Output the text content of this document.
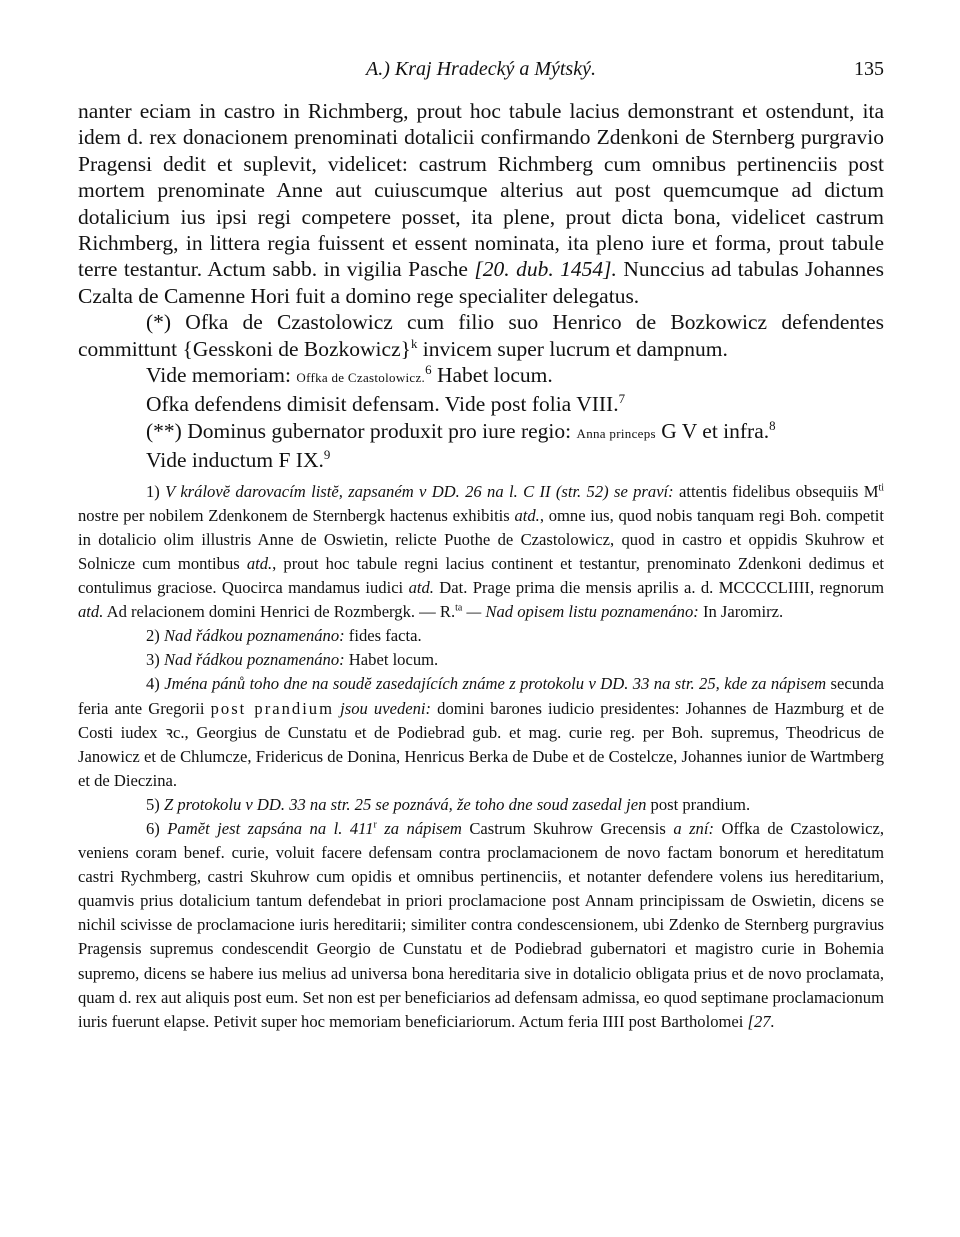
A.) Kraj Hradecký a Mýtský.	135

nanter eciam in castro in Richmberg, prout hoc tabule lacius demonstrant et ostendunt, ita idem d. rex donacionem prenominati dotalicii confirmando Zdenkoni de Sternberg purgravio Pragensi dedit et suplevit, videlicet: castrum Richmberg cum omnibus pertinenciis post mortem prenominate Anne aut cuiuscumque alterius aut post quemcumque ad dictum dotalicium ius ipsi regi competere posset, ita plene, prout dicta bona, videlicet castrum Richmberg, in littera regia fuissent et essent nominata, ita pleno iure et forma, prout tabule terre testantur. Actum sabb. in vigilia Pasche [20. dub. 1454]. Nunccius ad tabulas Johannes Czalta de Camenne Hori fuit a domino rege specialiter delegatus.

(*) Ofka de Czastolowicz cum filio suo Henrico de Bozkowicz defendentes committunt {Gesskoni de Bozkowicz}$^k$ invicem super lucrum et dampnum.

Vide memoriam: Offka de Czastolowicz.$^6$ Habet locum.

Ofka defendens dimisit defensam. Vide post folia VIII.$^7$

(**) Dominus gubernator produxit pro iure regio: Anna princeps G V et infra.$^8$

Vide inductum F IX.$^9$

1) V královĕ darovacím listĕ, zapsaném v DD. 26 na l. C II (str. 52) se praví: attentis fidelibus obsequiis $M^{ti}$ nostre per nobilem Zdenkonem de Sternbergk hactenus exhibitis atd., omne ius, quod nobis tanquam regi Boh. competit in dotalicio olim illustris Anne de Oswietin, relicte Puothe de Czastolowicz, quod in castro et oppidis Skuhrow et Solnicze cum montibus atd., prout hoc tabule regni lacius continent et testantur, prenominato Zdenkoni dedimus et contulimus graciose. Quocirca mandamus iudici atd. Dat. Prage prima die mensis aprilis a. d. MCCCCLIIII, regnorum atd. Ad relacionem domini Henrici de Rozmbergk. — R.$^{ta}$ — Nad opisem listu poznamenáno: In Jaromirz.

2) Nad řádkou poznamenáno: fides facta.

3) Nad řádkou poznamenáno: Habet locum.

4) Jména pánů toho dne na soudĕ zasedajících známe z protokolu v DD. 33 na str. 25, kde za nápisem secunda feria ante Gregorii post prandium jsou uvedeni: domini barones iudicio presidentes: Johannes de Hazmburg et de Costi iudex ꝛc., Georgius de Cunstatu et de Podiebrad gub. et mag. curie reg. per Boh. supremus, Theodricus de Janowicz et de Chlumcze, Fridericus de Donina, Henricus Berka de Dube et de Costelcze, Johannes iunior de Wartmberg et de Dieczina.

5) Z protokolu v DD. 33 na str. 25 se poznává, že toho dne soud zasedal jen post prandium.

6) Pamĕt jest zapsána na l. 411$^r$ za nápisem Castrum Skuhrow Grecensis a zní: Offka de Czastolowicz, veniens coram benef. curie, voluit facere defensam contra proclamacionem de novo factam bonorum et hereditatum castri Rychmberg, castri Skuhrow cum opidis et omnibus pertinenciis, et notanter defendere volens ius hereditarium, quamvis prius dotalicium tantum defendebat in priori proclamacione post Annam principissam de Oswietin, dicens se nichil scivisse de proclamacione iuris hereditarii; similiter contra condescensionem, ubi Zdenko de Sternberg purgravius Pragensis supremus condescendit Georgio de Cunstatu et de Podiebrad gubernatori et magistro curie in Bohemia supremo, dicens se habere ius melius ad universa bona hereditaria sive in dotalicio obligata prius et de novo proclamata, quam d. rex aut aliquis post eum. Set non est per beneficiarios ad defensam admissa, eo quod septimane proclamacionum iuris fuerunt elapse. Petivit super hoc memoriam beneficiariorum. Actum feria IIII post Bartholomei [27.
